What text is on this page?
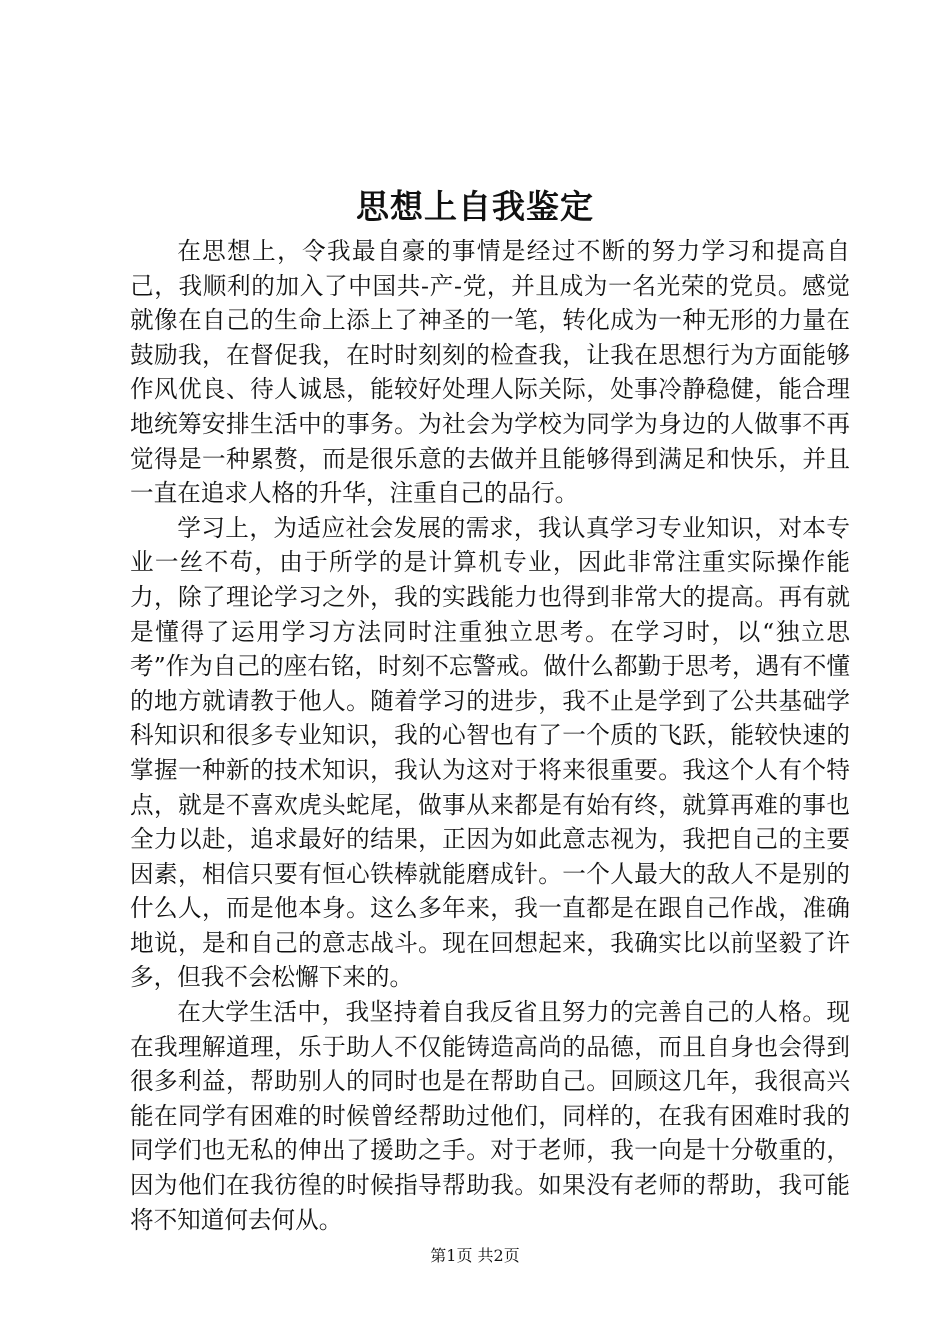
思想上自我鉴定

在思想上，令我最自豪的事情是经过不断的努力学习和提高自己，我顺利的加入了中国共-产-党，并且成为一名光荣的党员。感觉就像在自己的生命上添上了神圣的一笔，转化成为一种无形的力量在鼓励我，在督促我，在时时刻刻的检查我，让我在思想行为方面能够作风优良、待人诚恳，能较好处理人际关际，处事冷静稳健，能合理地统筹安排生活中的事务。为社会为学校为同学为身边的人做事不再觉得是一种累赘，而是很乐意的去做并且能够得到满足和快乐，并且一直在追求人格的升华，注重自己的品行。

学习上，为适应社会发展的需求，我认真学习专业知识，对本专业一丝不苟，由于所学的是计算机专业，因此非常注重实际操作能力，除了理论学习之外，我的实践能力也得到非常大的提高。再有就是懂得了运用学习方法同时注重独立思考。在学习时，以“独立思考”作为自己的座右铭，时刻不忘警戒。做什么都勤于思考，遇有不懂的地方就请教于他人。随着学习的进步，我不止是学到了公共基础学科知识和很多专业知识，我的心智也有了一个质的飞跃，能较快速的掌握一种新的技术知识，我认为这对于将来很重要。我这个人有个特点，就是不喜欢虎头蛇尾，做事从来都是有始有终，就算再难的事也全力以赴，追求最好的结果，正因为如此意志视为，我把自己的主要因素，相信只要有恒心铁棒就能磨成针。一个人最大的敌人不是别的什么人，而是他本身。这么多年来，我一直都是在跟自己作战，准确地说，是和自己的意志战斗。现在回想起来，我确实比以前坚毅了许多，但我不会松懈下来的。

在大学生活中，我坚持着自我反省且努力的完善自己的人格。现在我理解道理，乐于助人不仅能铸造高尚的品德，而且自身也会得到很多利益，帮助别人的同时也是在帮助自己。回顾这几年，我很高兴能在同学有困难的时候曾经帮助过他们，同样的，在我有困难时我的同学们也无私的伸出了援助之手。对于老师，我一向是十分敬重的，因为他们在我彷徨的时候指导帮助我。如果没有老师的帮助，我可能将不知道何去何从。

第1页 共2页
